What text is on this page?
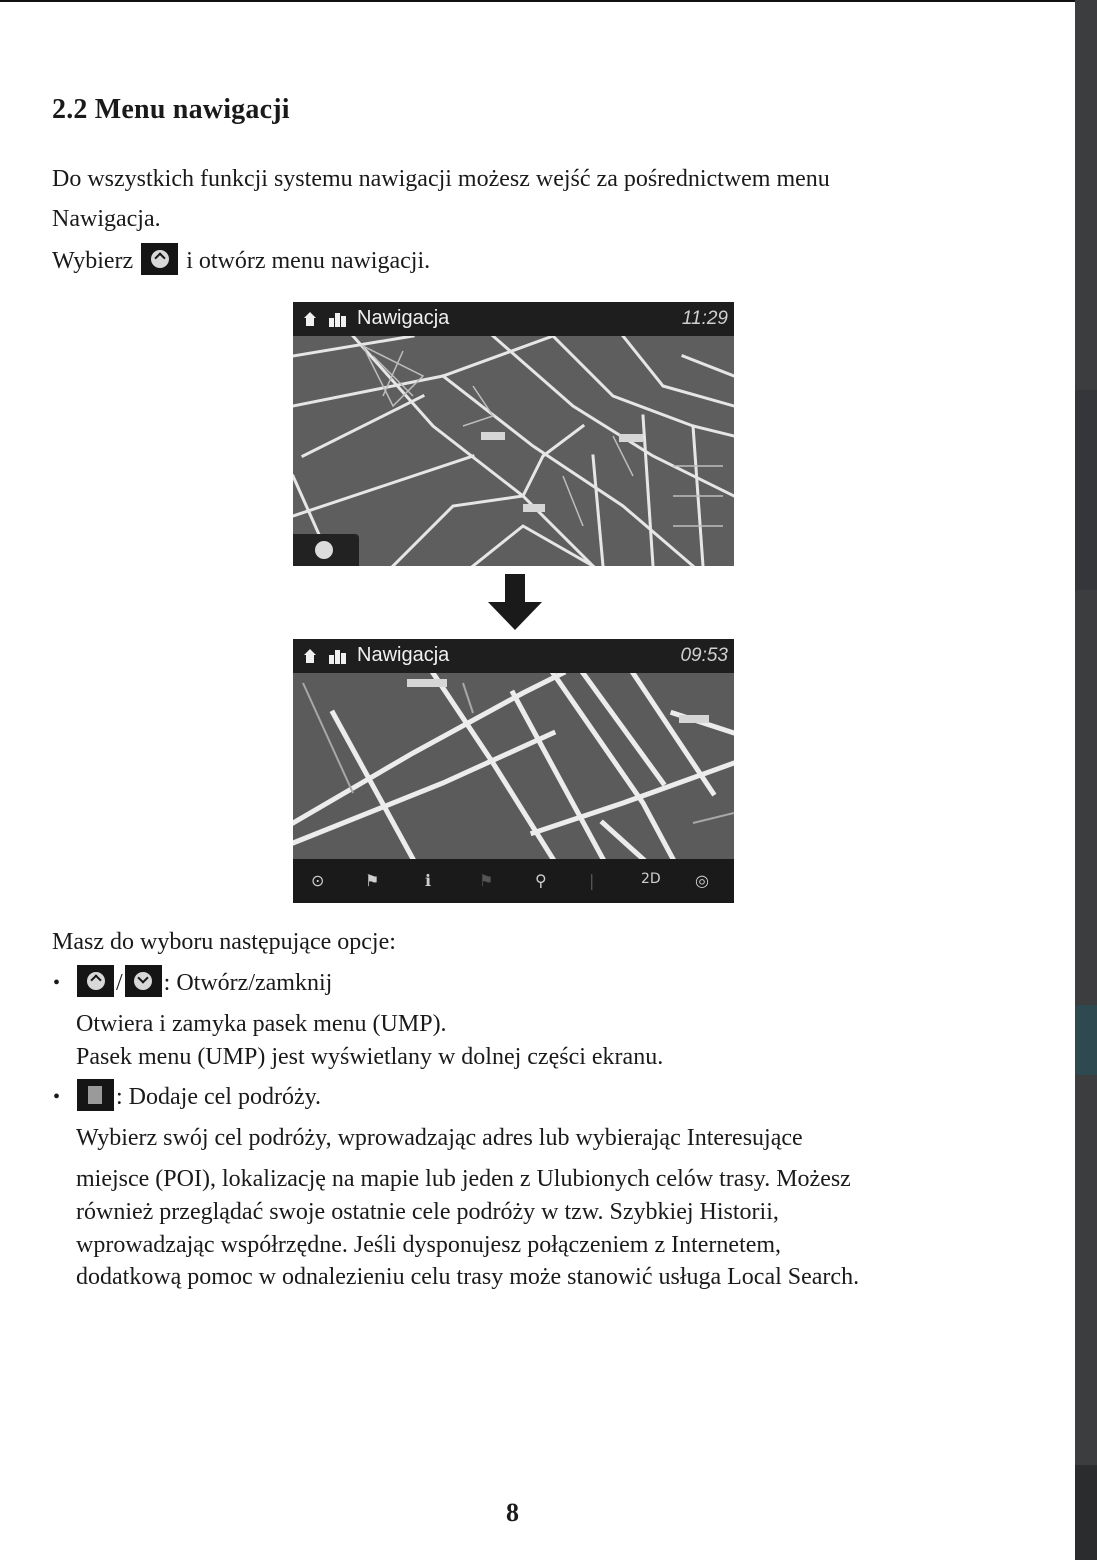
2.2 Menu nawigacji
Do wszystkich funkcji systemu nawigacji możesz wejść za pośrednictwem menu
Nawigacja.
Wybierz i otwórz menu nawigacji.
Nawigacja	11:29
Nawigacja	09:53
⊙	⚑	ℹ	⚑	⚲	|	2D ◎
Masz do wyboru następujące opcje:
•	/ : Otwórz/zamknij
Otwiera i zamyka pasek menu (UMP).
Pasek menu (UMP) jest wyświetlany w dolnej części ekranu.
•	: Dodaje cel podróży.
Wybierz swój cel podróży, wprowadzając adres lub wybierając Interesujące
miejsce (POI), lokalizację na mapie lub jeden z Ulubionych celów trasy. Możesz
również przeglądać swoje ostatnie cele podróży w tzw. Szybkiej Historii,
wprowadzając współrzędne. Jeśli dysponujesz połączeniem z Internetem,
dodatkową pomoc w odnalezieniu celu trasy może stanowić usługa Local Search.
8
